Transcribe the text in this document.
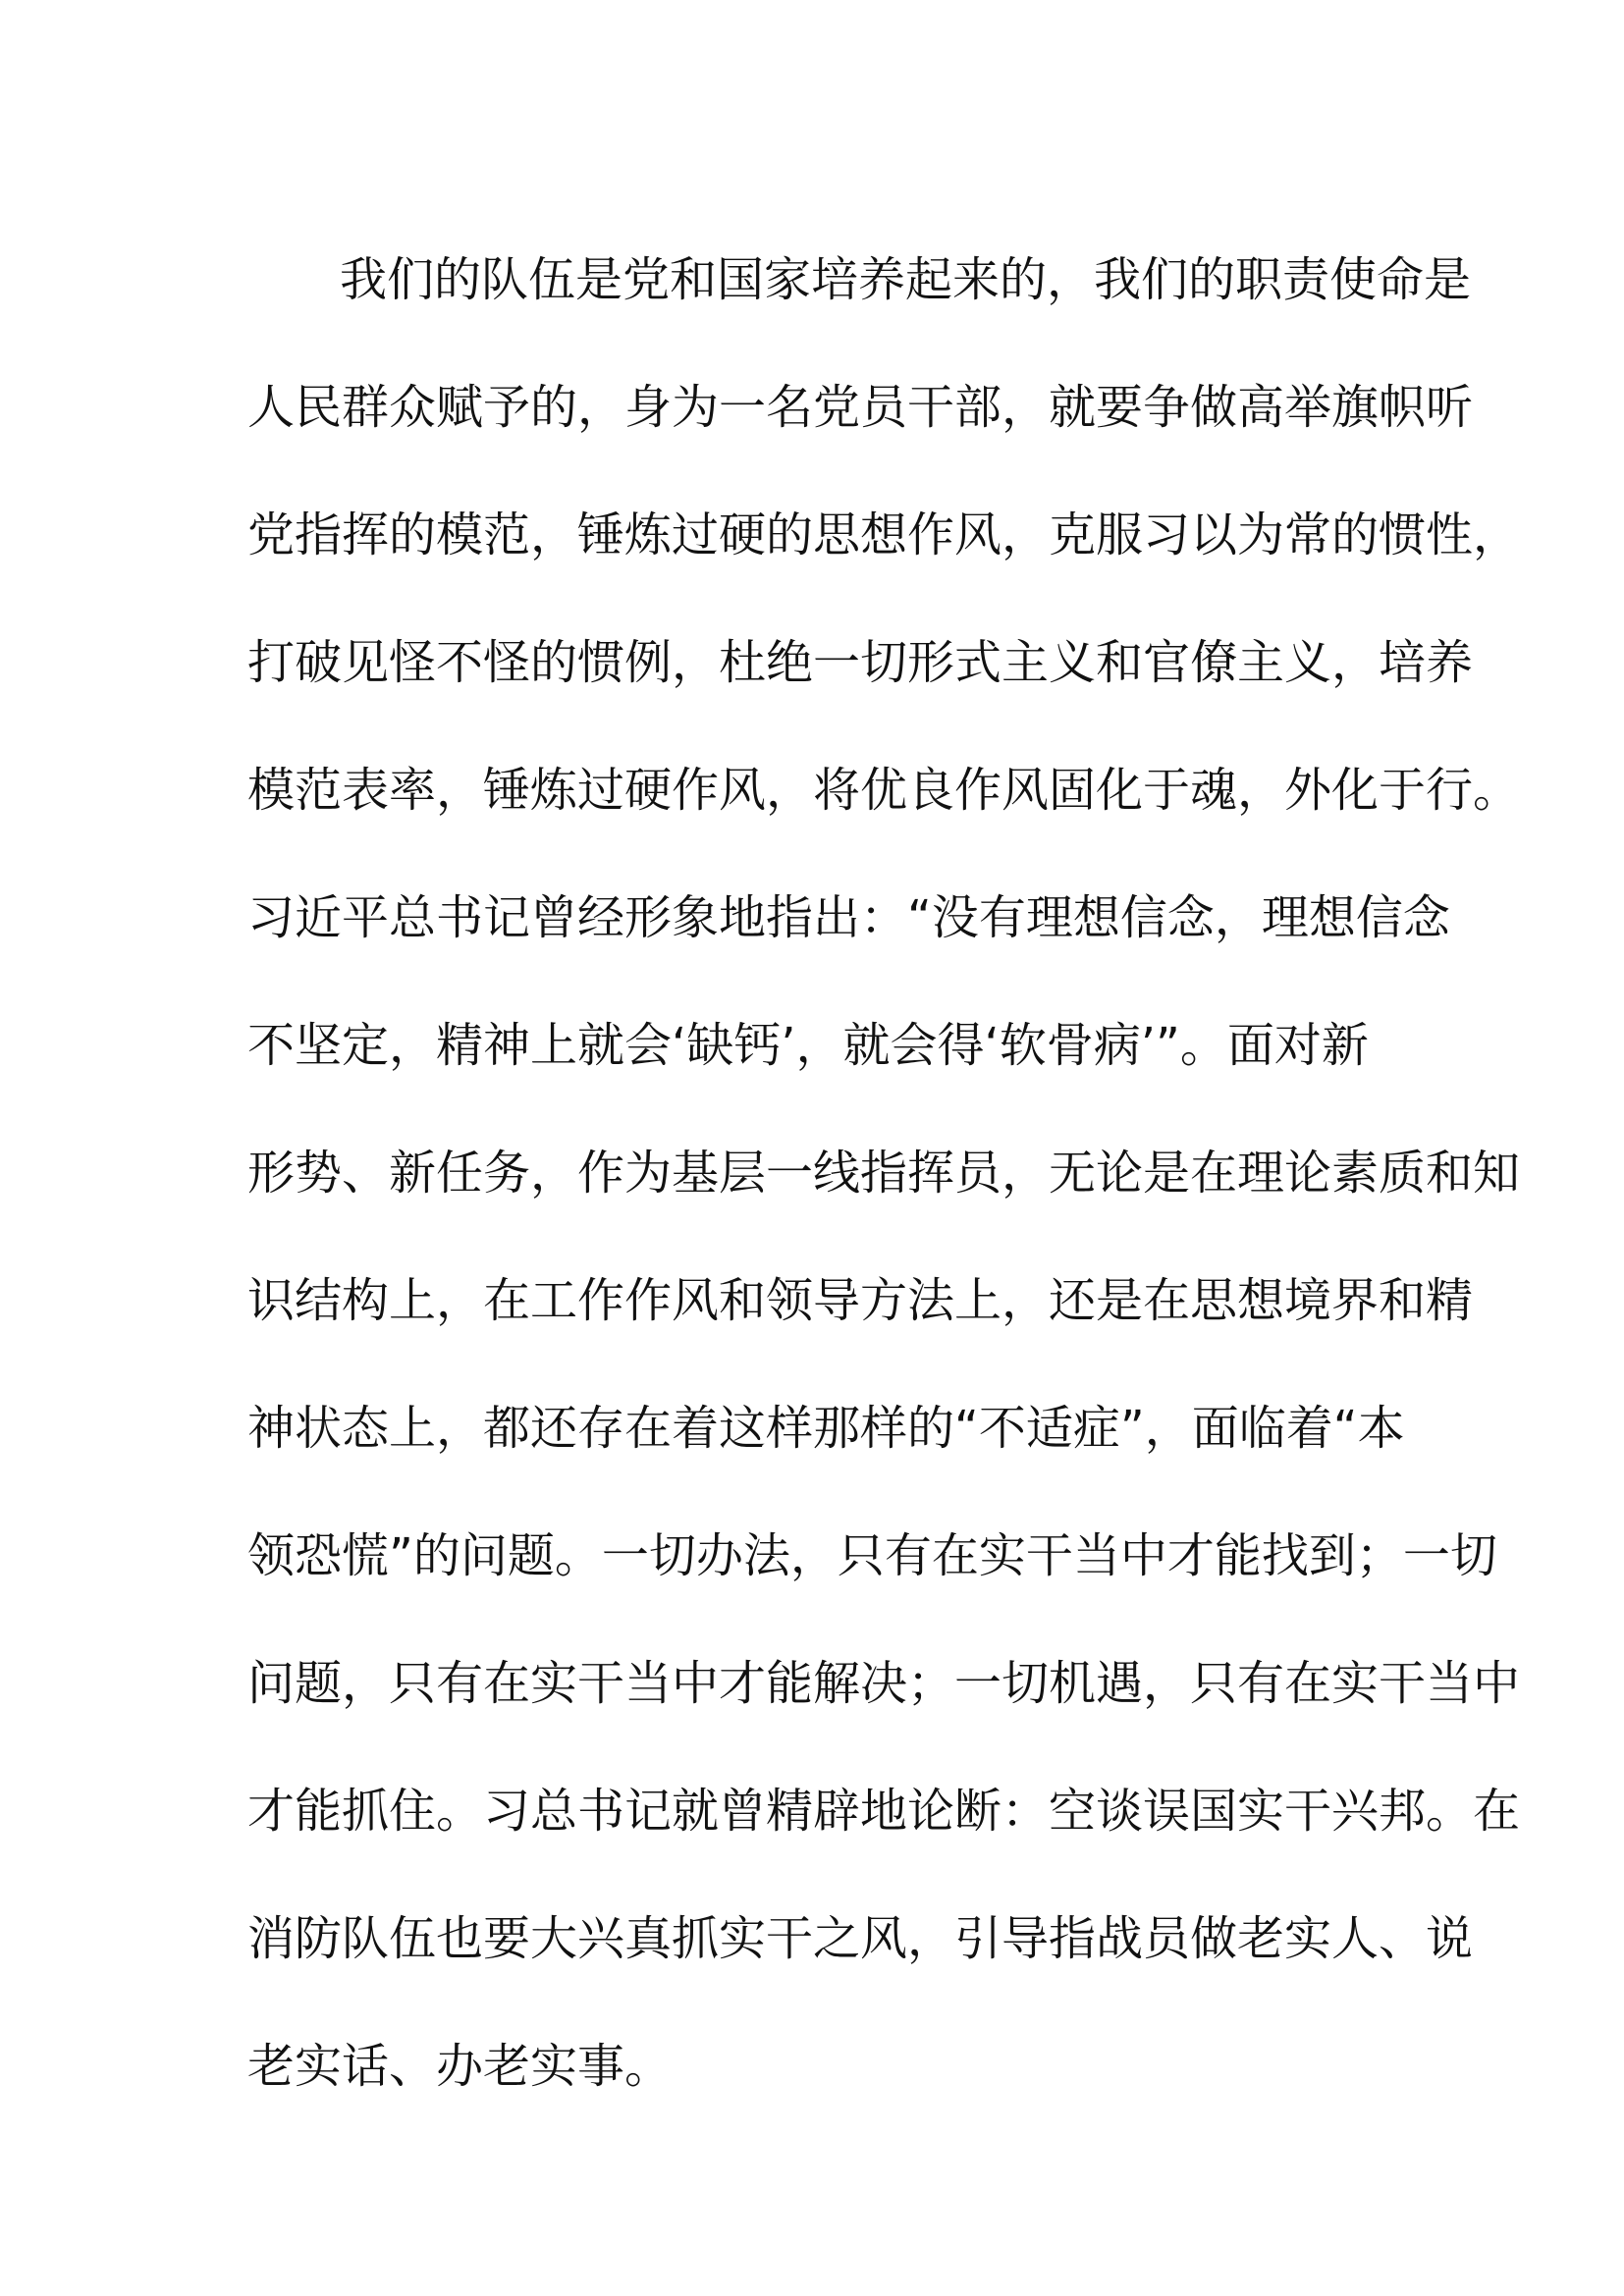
我们的队伍是党和国家培养起来的，我们的职责使命是
人民群众赋予的，身为一名党员干部，就要争做高举旗帜听
党指挥的模范，锤炼过硬的思想作风，克服习以为常的惯性，
打破见怪不怪的惯例，杜绝一切形式主义和官僚主义，培养
模范表率，锤炼过硬作风，将优良作风固化于魂，外化于行。
习近平总书记曾经形象地指出：“没有理想信念，理想信念
不坚定，精神上就会‘缺钙’，就会得‘软骨病’”。面对新
形势、新任务，作为基层一线指挥员，无论是在理论素质和知
识结构上，在工作作风和领导方法上，还是在思想境界和精
神状态上，都还存在着这样那样的“不适症”，面临着“本
领恐慌”的问题。一切办法，只有在实干当中才能找到；一切
问题，只有在实干当中才能解决；一切机遇，只有在实干当中
才能抓住。习总书记就曾精辟地论断：空谈误国实干兴邦。在
消防队伍也要大兴真抓实干之风，引导指战员做老实人、说
老实话、办老实事。
